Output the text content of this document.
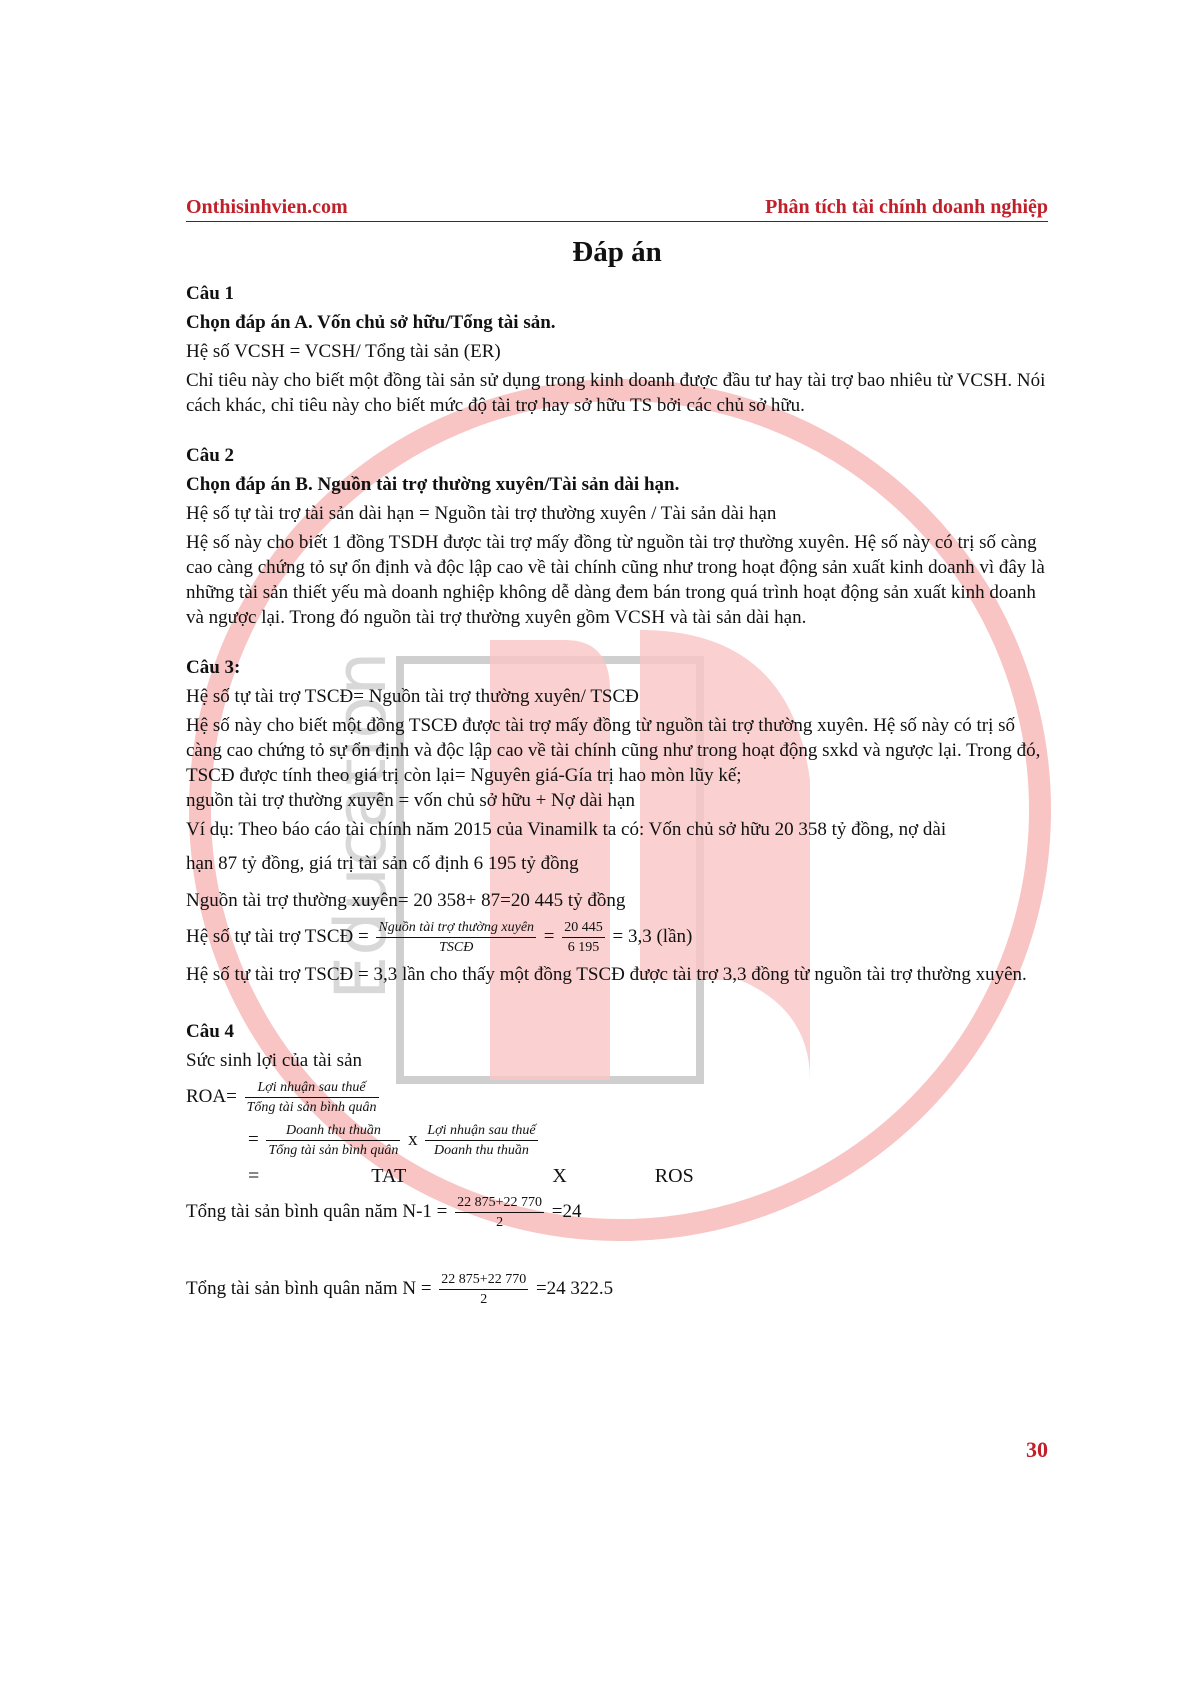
Education
Onthisinhvien.com	Phân tích tài chính doanh nghiệp
Đáp án

Câu 1

Chọn đáp án A. Vốn chủ sở hữu/Tổng tài sản.

Hệ số VCSH = VCSH/ Tổng tài sản (ER)

Chỉ tiêu này cho biết một đồng tài sản sử dụng trong kinh doanh được đầu tư hay tài trợ bao nhiêu từ VCSH. Nói cách khác, chỉ tiêu này cho biết mức độ tài trợ hay sở hữu TS bởi các chủ sở hữu.

Câu 2

Chọn đáp án B. Nguồn tài trợ thường xuyên/Tài sản dài hạn.

Hệ số tự tài trợ tài sản dài hạn = Nguồn tài trợ thường xuyên / Tài sản dài hạn

Hệ số này cho biết 1 đồng TSDH được tài trợ mấy đồng từ nguồn tài trợ thường xuyên. Hệ số này có trị số càng cao càng chứng tỏ sự ổn định và độc lập cao về tài chính cũng như trong hoạt động sản xuất kinh doanh vì đây là những tài sản thiết yếu mà doanh nghiệp không dễ dàng đem bán trong quá trình hoạt động sản xuất kinh doanh và ngược lại. Trong đó nguồn tài trợ thường xuyên gồm VCSH và tài sản dài hạn.

Câu 3:

Hệ số tự tài trợ TSCĐ= Nguồn tài trợ thường xuyên/ TSCĐ

Hệ số này cho biết một đồng TSCĐ được tài trợ mấy đồng từ nguồn tài trợ thường xuyên. Hệ số này có trị số càng cao chứng tỏ sự ổn định và độc lập cao về tài chính cũng như trong hoạt động sxkd và ngược lại. Trong đó, TSCĐ được tính theo giá trị còn lại= Nguyên giá-Gía trị hao mòn lũy kế;

nguồn tài trợ thường xuyên = vốn chủ sở hữu + Nợ dài hạn

Ví dụ: Theo báo cáo tài chính năm 2015 của Vinamilk ta có: Vốn chủ sở hữu 20 358 tỷ đồng, nợ dài

hạn 87 tỷ đồng, giá trị tài sản cố định 6 195 tỷ đồng

Nguồn tài trợ thường xuyên= 20 358+ 87=20 445 tỷ đồng

Hệ số tự tài trợ TSCĐ = $\frac{\text{Nguồn tài trợ thường xuyên}}{\text{TSCĐ}} = \frac{20 445}{6 195} = 3,3$ (lần)

Hệ số tự tài trợ TSCĐ = 3,3 lần cho thấy một đồng TSCĐ được tài trợ 3,3 đồng từ nguồn tài trợ thường xuyên.

Câu 4

Sức sinh lợi của tài sản

$ROA= \frac{\text{Lợi nhuận sau thuế}}{\text{Tổng tài sản bình quân}}$
= $\frac{\text{Doanh thu thuần}}{\text{Tổng tài sản bình quân}}$ x $\frac{\text{Lợi nhuận sau thuế}}{\text{Doanh thu thuần}}$
=	TAT	X	ROS
Tổng tài sản bình quân năm $N-1 = \frac{22 875+22 770}{2} =24$
Tổng tài sản bình quân năm $N = \frac{22 875+22 770}{2} =24$ 322.5
30
